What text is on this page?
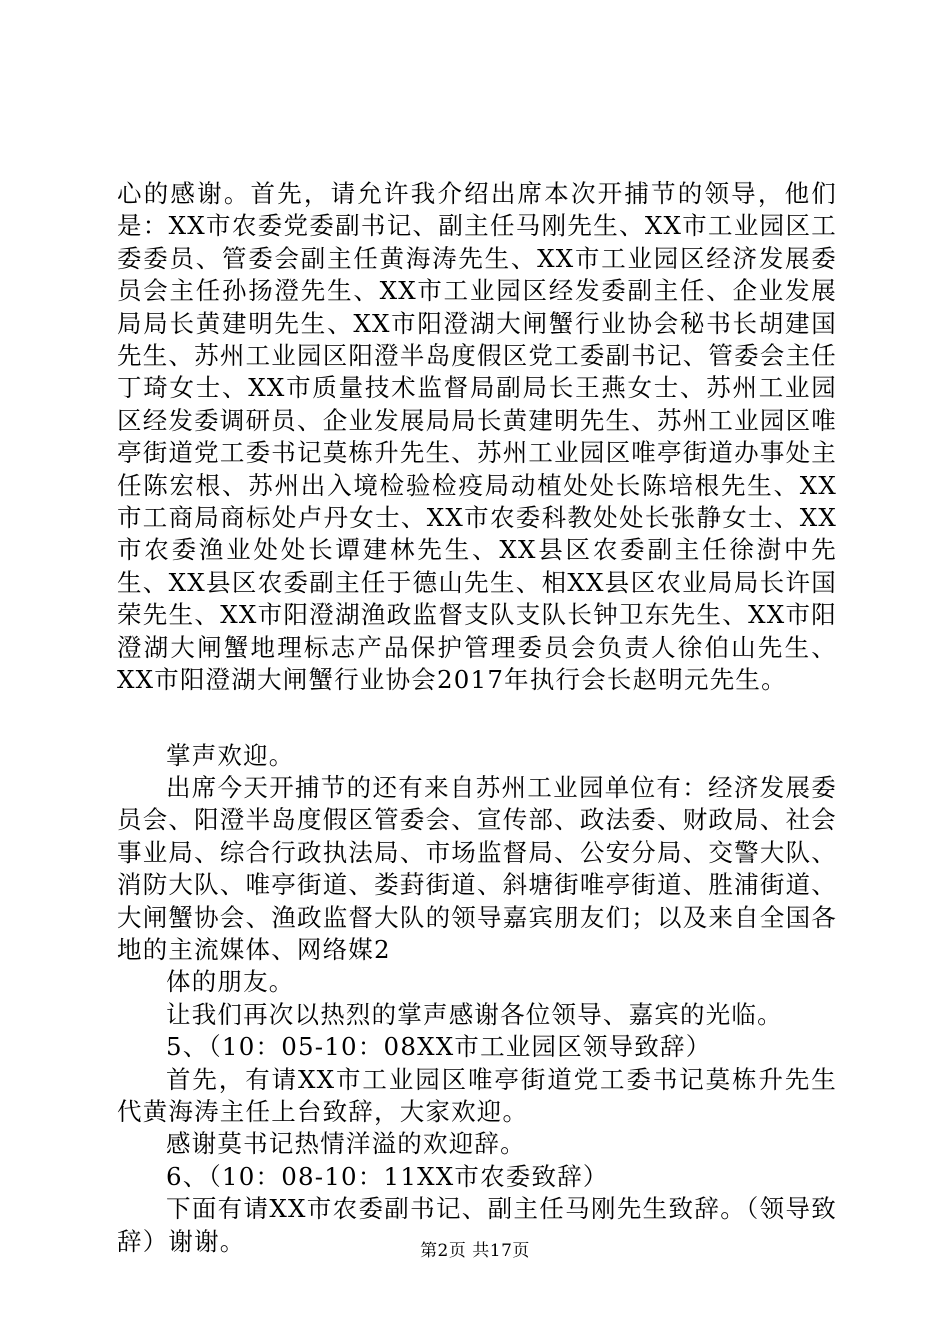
心的感谢。首先，请允许我介绍出席本次开捕节的领导，他们是：XX市农委党委副书记、副主任马刚先生、XX市工业园区工委委员、管委会副主任黄海涛先生、XX市工业园区经济发展委员会主任孙扬澄先生、XX市工业园区经发委副主任、企业发展局局长黄建明先生、XX市阳澄湖大闸蟹行业协会秘书长胡建国先生、苏州工业园区阳澄半岛度假区党工委副书记、管委会主任丁琦女士、XX市质量技术监督局副局长王燕女士、苏州工业园区经发委调研员、企业发展局局长黄建明先生、苏州工业园区唯亭街道党工委书记莫栋升先生、苏州工业园区唯亭街道办事处主任陈宏根、苏州出入境检验检疫局动植处处长陈培根先生、XX市工商局商标处卢丹女士、XX市农委科教处处长张静女士、XX市农委渔业处处长谭建林先生、XX县区农委副主任徐澍中先生、XX县区农委副主任于德山先生、相XX县区农业局局长许国荣先生、XX市阳澄湖渔政监督支队支队长钟卫东先生、XX市阳澄湖大闸蟹地理标志产品保护管理委员会负责人徐伯山先生、XX市阳澄湖大闸蟹行业协会2017年执行会长赵明元先生。

掌声欢迎。

出席今天开捕节的还有来自苏州工业园单位有：经济发展委员会、阳澄半岛度假区管委会、宣传部、政法委、财政局、社会事业局、综合行政执法局、市场监督局、公安分局、交警大队、消防大队、唯亭街道、娄葑街道、斜塘街唯亭街道、胜浦街道、大闸蟹协会、渔政监督大队的领导嘉宾朋友们；以及来自全国各地的主流媒体、网络媒2

体的朋友。

让我们再次以热烈的掌声感谢各位领导、嘉宾的光临。

5、（10：05-10：08XX市工业园区领导致辞）

首先，有请XX市工业园区唯亭街道党工委书记莫栋升先生代黄海涛主任上台致辞，大家欢迎。

感谢莫书记热情洋溢的欢迎辞。

6、（10：08-10：11XX市农委致辞）

下面有请XX市农委副书记、副主任马刚先生致辞。（领导致辞）谢谢。	第2页 共17页
